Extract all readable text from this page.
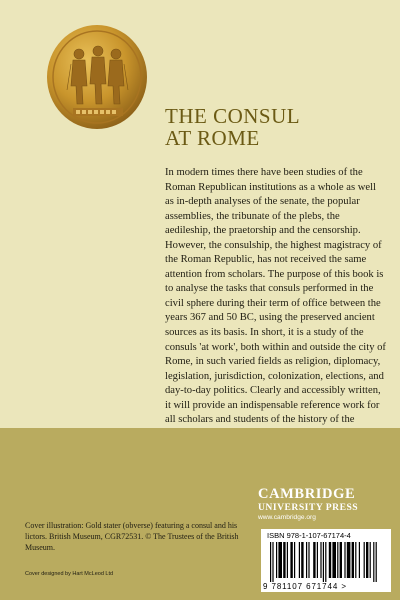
THE CONSUL
AT ROME

In modern times there have been studies of the Roman Republican institutions as a whole as well as in-depth analyses of the senate, the popular assemblies, the tribunate of the plebs, the aedileship, the praetorship and the censorship. However, the consulship, the highest magistracy of the Roman Republic, has not received the same attention from scholars. The purpose of this book is to analyse the tasks that consuls performed in the civil sphere during their term of office between the years 367 and 50 BC, using the preserved ancient sources as its basis. In short, it is a study of the consuls 'at work', both within and outside the city of Rome, in such varied fields as religion, diplomacy, legislation, jurisdiction, colonization, elections, and day-to-day politics. Clearly and accessibly written, it will provide an indispensable reference work for all scholars and students of the history of the

CAMBRIDGE
UNIVERSITY PRESS
www.cambridge.org

Cover illustration: Gold stater (obverse) featuring a consul and his lictors. British Museum, CGR72531. © The Trustees of the British Museum.

Cover designed by Hart McLeod Ltd
ISBN 978-1-107-67174-4
9 781107 671744 >
